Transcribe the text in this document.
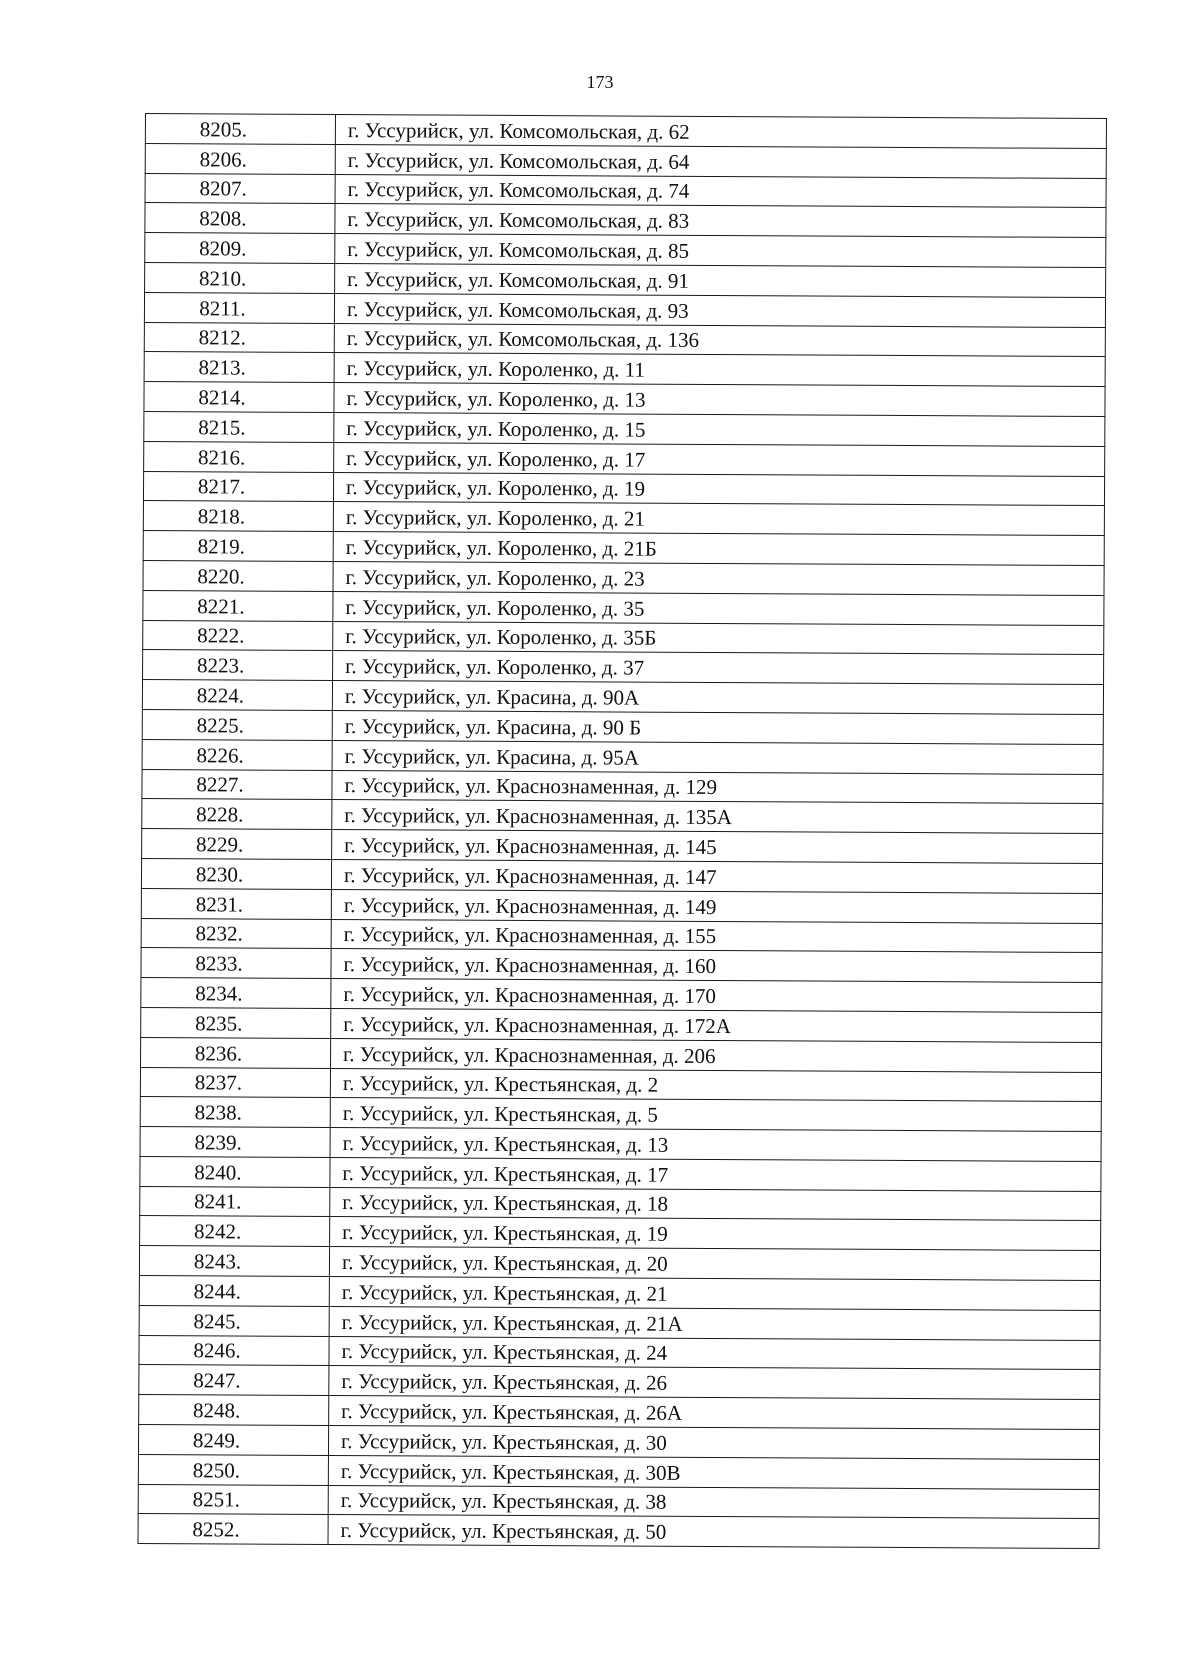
173
8205.	г. Уссурийск, ул. Комсомольская, д. 62
8206.	г. Уссурийск, ул. Комсомольская, д. 64
8207.	г. Уссурийск, ул. Комсомольская, д. 74
8208.	г. Уссурийск, ул. Комсомольская, д. 83
8209.	г. Уссурийск, ул. Комсомольская, д. 85
8210.	г. Уссурийск, ул. Комсомольская, д. 91
8211.	г. Уссурийск, ул. Комсомольская, д. 93
8212.	г. Уссурийск, ул. Комсомольская, д. 136
8213.	г. Уссурийск, ул. Короленко, д. 11
8214.	г. Уссурийск, ул. Короленко, д. 13
8215.	г. Уссурийск, ул. Короленко, д. 15
8216.	г. Уссурийск, ул. Короленко, д. 17
8217.	г. Уссурийск, ул. Короленко, д. 19
8218.	г. Уссурийск, ул. Короленко, д. 21
8219.	г. Уссурийск, ул. Короленко, д. 21Б
8220.	г. Уссурийск, ул. Короленко, д. 23
8221.	г. Уссурийск, ул. Короленко, д. 35
8222.	г. Уссурийск, ул. Короленко, д. 35Б
8223.	г. Уссурийск, ул. Короленко, д. 37
8224.	г. Уссурийск, ул. Красина, д. 90А
8225.	г. Уссурийск, ул. Красина, д. 90 Б
8226.	г. Уссурийск, ул. Красина, д. 95А
8227.	г. Уссурийск, ул. Краснознаменная, д. 129
8228.	г. Уссурийск, ул. Краснознаменная, д. 135А
8229.	г. Уссурийск, ул. Краснознаменная, д. 145
8230.	г. Уссурийск, ул. Краснознаменная, д. 147
8231.	г. Уссурийск, ул. Краснознаменная, д. 149
8232.	г. Уссурийск, ул. Краснознаменная, д. 155
8233.	г. Уссурийск, ул. Краснознаменная, д. 160
8234.	г. Уссурийск, ул. Краснознаменная, д. 170
8235.	г. Уссурийск, ул. Краснознаменная, д. 172А
8236.	г. Уссурийск, ул. Краснознаменная, д. 206
8237.	г. Уссурийск, ул. Крестьянская, д. 2
8238.	г. Уссурийск, ул. Крестьянская, д. 5
8239.	г. Уссурийск, ул. Крестьянская, д. 13
8240.	г. Уссурийск, ул. Крестьянская, д. 17
8241.	г. Уссурийск, ул. Крестьянская, д. 18
8242.	г. Уссурийск, ул. Крестьянская, д. 19
8243.	г. Уссурийск, ул. Крестьянская, д. 20
8244.	г. Уссурийск, ул. Крестьянская, д. 21
8245.	г. Уссурийск, ул. Крестьянская, д. 21А
8246.	г. Уссурийск, ул. Крестьянская, д. 24
8247.	г. Уссурийск, ул. Крестьянская, д. 26
8248.	г. Уссурийск, ул. Крестьянская, д. 26А
8249.	г. Уссурийск, ул. Крестьянская, д. 30
8250.	г. Уссурийск, ул. Крестьянская, д. 30В
8251.	г. Уссурийск, ул. Крестьянская, д. 38
8252.	г. Уссурийск, ул. Крестьянская, д. 50
